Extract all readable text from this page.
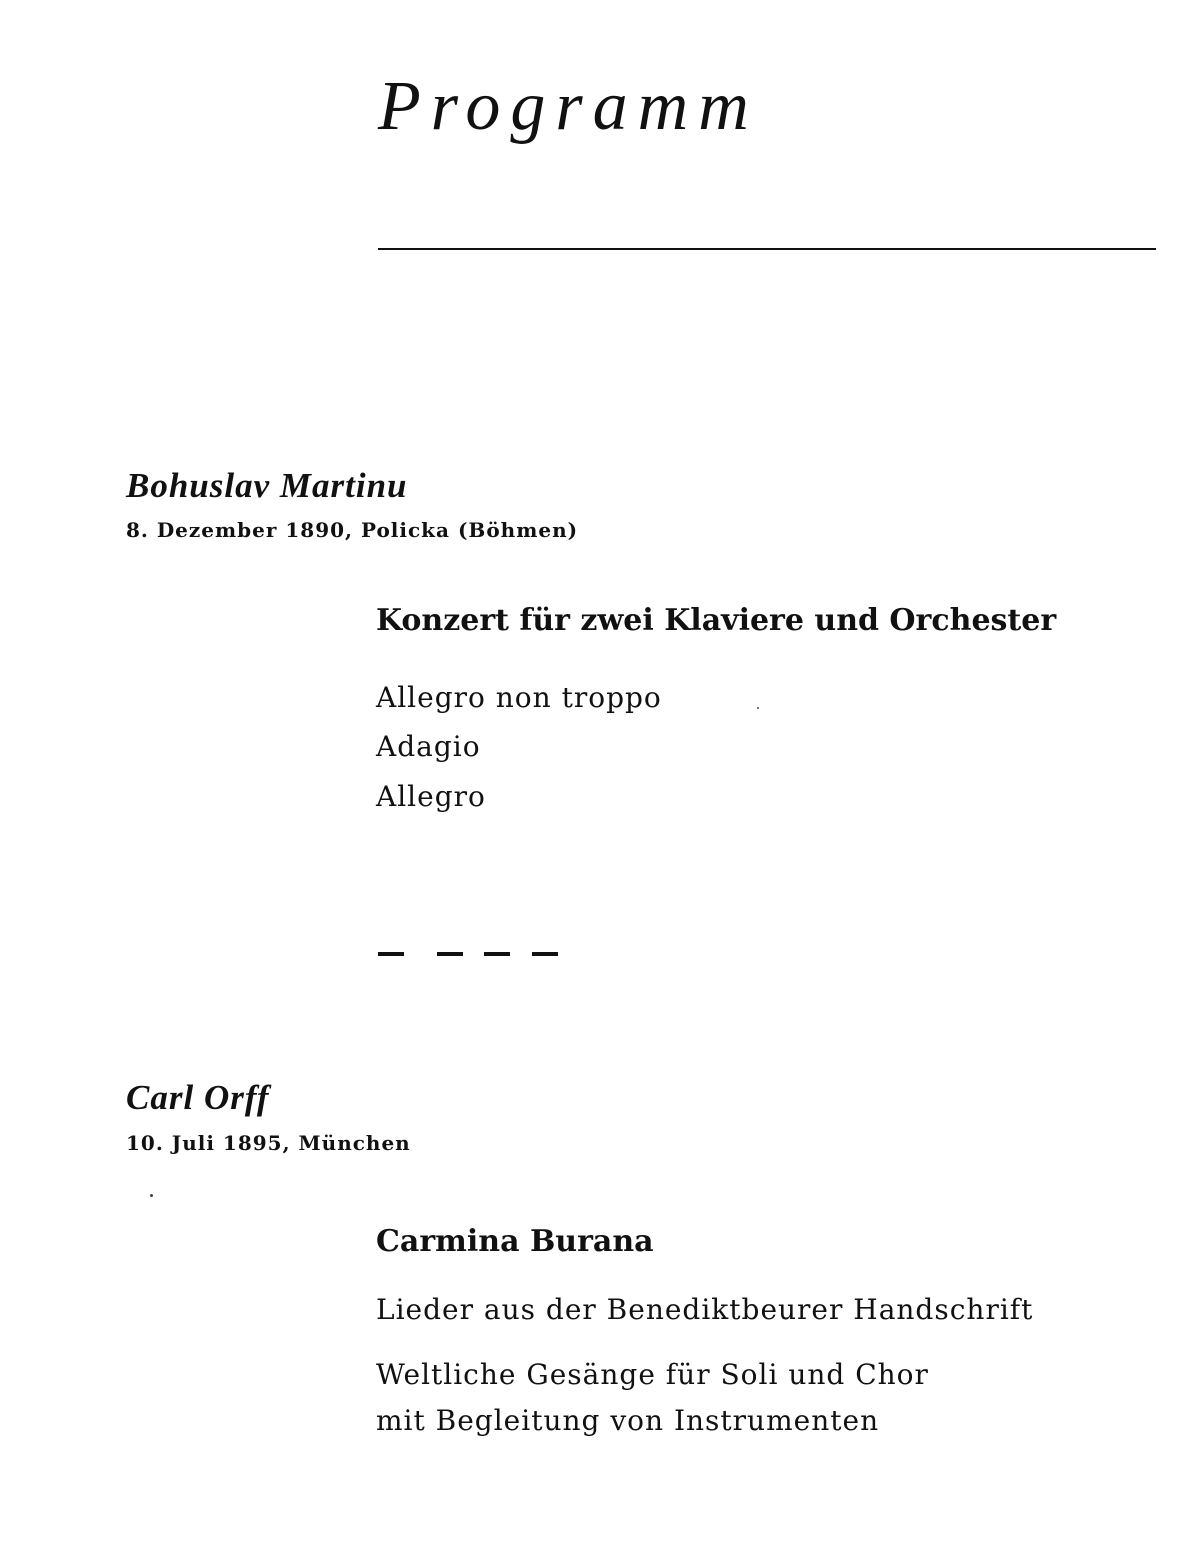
Programm
Bohuslav Martinu
8. Dezember 1890, Policka (Böhmen)
Konzert für zwei Klaviere und Orchester
Allegro non troppo
Adagio
Allegro
Carl Orff
10. Juli 1895, München
Carmina Burana
Lieder aus der Benediktbeurer Handschrift
Weltliche Gesänge für Soli und Chor
mit Begleitung von Instrumenten
